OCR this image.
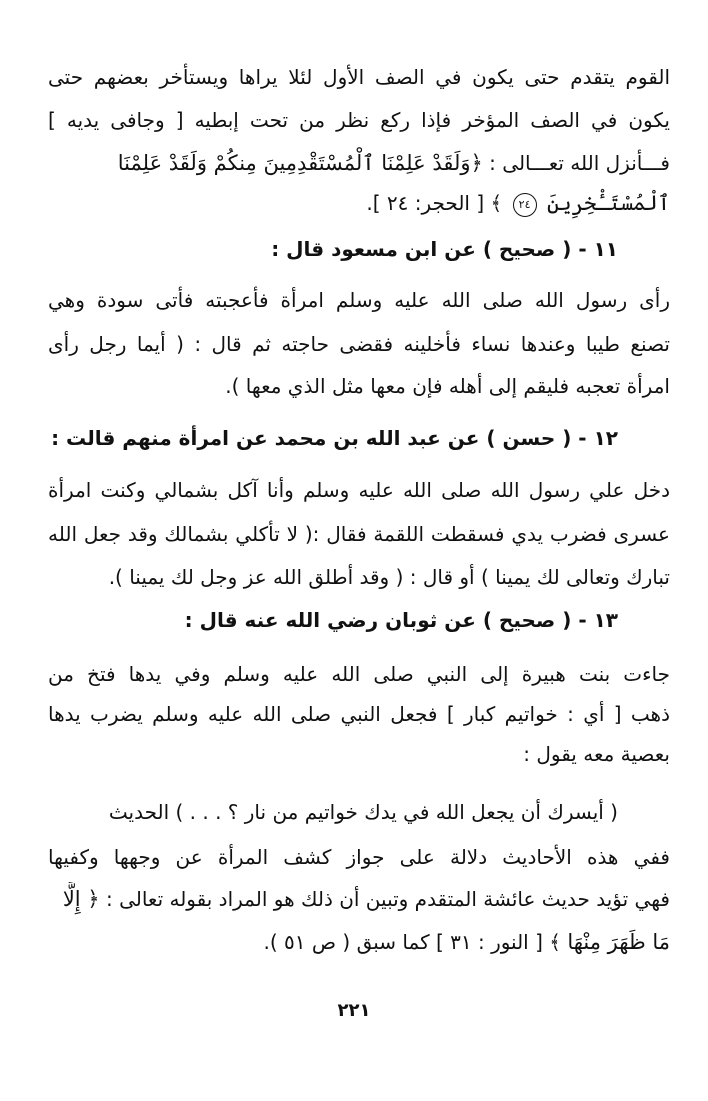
القوم يتقدم حتى يكون في الصف الأول لئلا يراها ويستأخر بعضهم حتى
يكون في الصف المؤخر فإذا ركع نظر من تحت إبطيه [ وجافى يديه ]
فـــأنزل الله تعـــالى : ﴿وَلَقَدْ عَلِمْنَا ٱلْمُسْتَقْدِمِينَ مِنكُمْ وَلَقَدْ عَلِمْنَا
ٱلْمُسْتَـْٔخِرِينَ ٢٤ ﴾ [ الحجر: ٢٤ ].
١١ - ( صحيح ) عن ابن مسعود قال :
رأى رسول الله صلى الله عليه وسلم امرأة فأعجبته فأتى سودة وهي
تصنع طيبا وعندها نساء فأخلينه فقضى حاجته ثم قال : ( أيما رجل رأى
امرأة تعجبه فليقم إلى أهله فإن معها مثل الذي معها ).
١٢ - ( حسن ) عن عبد الله بن محمد عن امرأة منهم قالت :
دخل علي رسول الله صلى الله عليه وسلم وأنا آكل بشمالي وكنت امرأة
عسرى فضرب يدي فسقطت اللقمة فقال :( لا تأكلي بشمالك وقد جعل الله
تبارك وتعالى لك يمينا ) أو قال : ( وقد أطلق الله عز وجل لك يمينا ).
١٣ - ( صحيح ) عن ثوبان رضي الله عنه قال :
جاءت بنت هبيرة إلى النبي صلى الله عليه وسلم وفي يدها فتخ من
ذهب [ أي : خواتيم كبار ] فجعل النبي صلى الله عليه وسلم يضرب يدها
بعصية معه يقول :
( أيسرك أن يجعل الله في يدك خواتيم من نار ؟ . . . ) الحديث
ففي هذه الأحاديث دلالة على جواز كشف المرأة عن وجهها وكفيها
فهي تؤيد حديث عائشة المتقدم وتبين أن ذلك هو المراد بقوله تعالى : ﴿ إِلَّا
مَا ظَهَرَ مِنْهَا ﴾ [ النور : ٣١ ] كما سبق ( ص ٥١ ).
٢٢١
